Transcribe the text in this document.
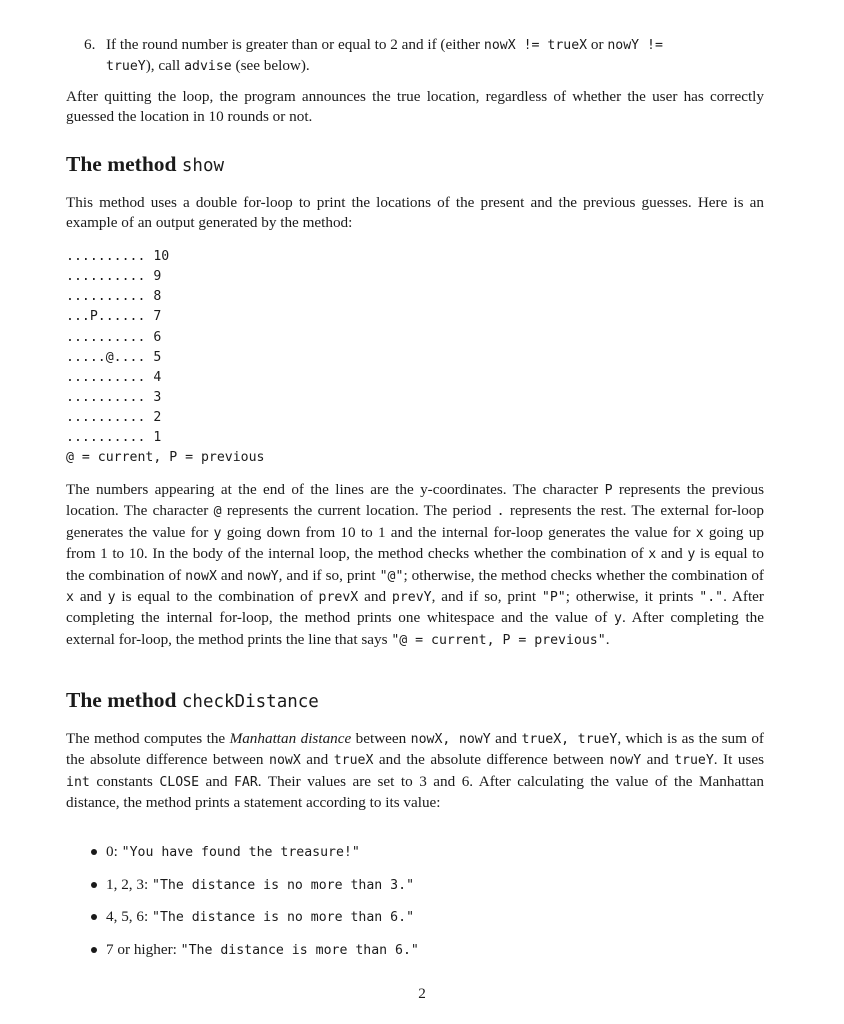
6. If the round number is greater than or equal to 2 and if (either nowX != trueX or nowY !=
trueY), call advise (see below).

After quitting the loop, the program announces the true location, regardless of whether the user has correctly guessed the location in 10 rounds or not.

The method show

This method uses a double for-loop to print the locations of the present and the previous guesses. Here is an example of an output generated by the method:

.......... 10
.......... 9
.......... 8
...P...... 7
.......... 6
.....@.... 5
.......... 4
.......... 3
.......... 2
.......... 1
@ = current, P = previous

The numbers appearing at the end of the lines are the y-coordinates. The character P represents the previous location. The character @ represents the current location. The period . represents the rest. The external for-loop generates the value for y going down from 10 to 1 and the internal for-loop generates the value for x going up from 1 to 10. In the body of the internal loop, the method checks whether the combination of x and y is equal to the combination of nowX and nowY, and if so, print "@"; otherwise, the method checks whether the combination of x and y is equal to the combination of prevX and prevY, and if so, print "P"; otherwise, it prints ".". After completing the internal for-loop, the method prints one whitespace and the value of y. After completing the external for-loop, the method prints the line that says "@ = current, P = previous".

The method checkDistance

The method computes the Manhattan distance between nowX, nowY and trueX, trueY, which is as the sum of the absolute difference between nowX and trueX and the absolute difference between nowY and trueY. It uses int constants CLOSE and FAR. Their values are set to 3 and 6. After calculating the value of the Manhattan distance, the method prints a statement according to its value:

0: "You have found the treasure!"
1, 2, 3: "The distance is no more than 3."
4, 5, 6: "The distance is no more than 6."
7 or higher: "The distance is more than 6."
2
